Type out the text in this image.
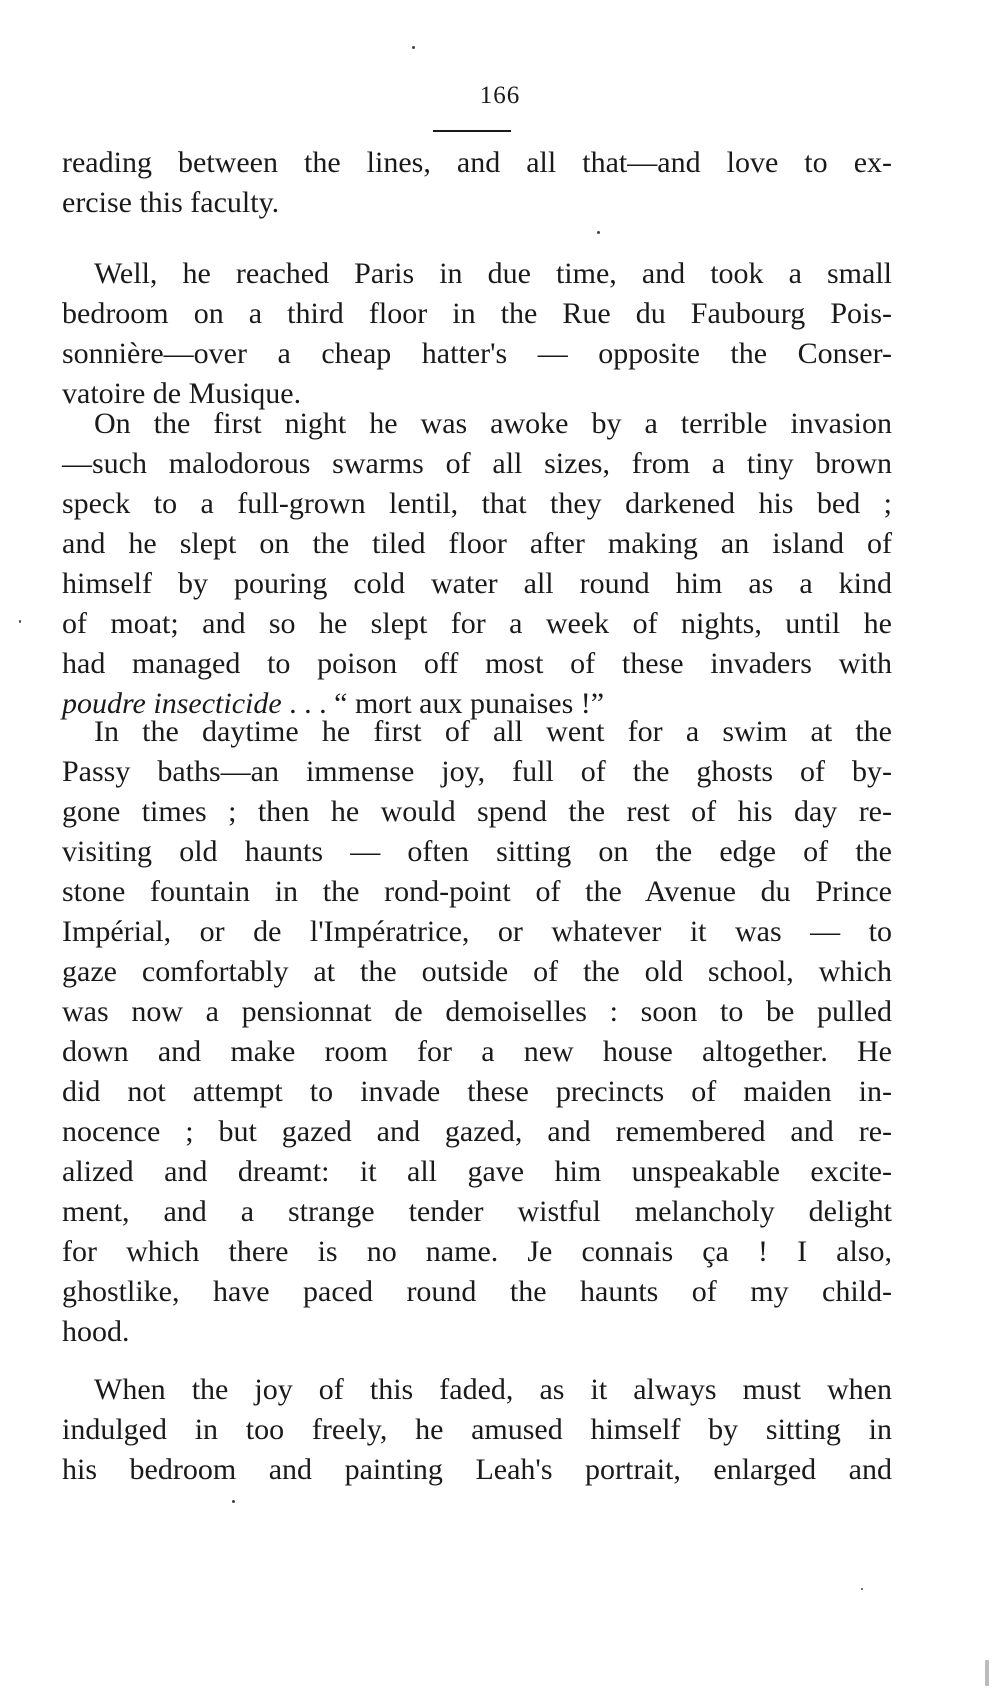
166
reading between the lines, and all that—and love to ex-
ercise this faculty.
Well, he reached Paris in due time, and took a small
bedroom on a third floor in the Rue du Faubourg Pois-
sonnière—over a cheap hatter's — opposite the Conser-
vatoire de Musique.
On the first night he was awoke by a terrible invasion
—such malodorous swarms of all sizes, from a tiny brown
speck to a full-grown lentil, that they darkened his bed ;
and he slept on the tiled floor after making an island of
himself by pouring cold water all round him as a kind
of moat; and so he slept for a week of nights, until he
had managed to poison off most of these invaders with
poudre insecticide . . . “ mort aux punaises !”
In the daytime he first of all went for a swim at the
Passy baths—an immense joy, full of the ghosts of by-
gone times ; then he would spend the rest of his day re-
visiting old haunts — often sitting on the edge of the
stone fountain in the rond-point of the Avenue du Prince
Impérial, or de l'Impératrice, or whatever it was — to
gaze comfortably at the outside of the old school, which
was now a pensionnat de demoiselles : soon to be pulled
down and make room for a new house altogether. He
did not attempt to invade these precincts of maiden in-
nocence ; but gazed and gazed, and remembered and re-
alized and dreamt: it all gave him unspeakable excite-
ment, and a strange tender wistful melancholy delight
for which there is no name. Je connais ça ! I also,
ghostlike, have paced round the haunts of my child-
hood.
When the joy of this faded, as it always must when
indulged in too freely, he amused himself by sitting in
his bedroom and painting Leah's portrait, enlarged and
